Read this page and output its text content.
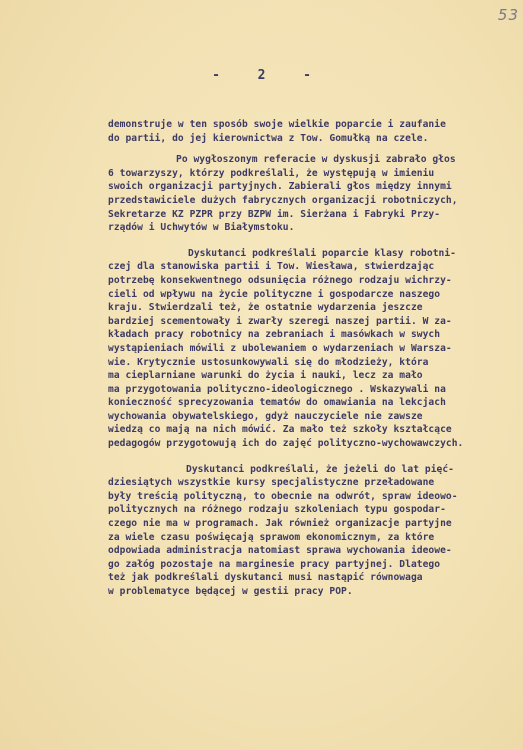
53
-	2	-
demonstruje w ten sposób swoje wielkie poparcie i zaufanie
do partii, do jej kierownictwa z Tow. Gomułką na czele.
Po wygłoszonym referacie w dyskusji zabrało głos
6 towarzyszy, którzy podkreślali, że występują w imieniu
swoich organizacji partyjnych. Zabierali głos między innymi
przedstawiciele dużych fabrycznych organizacji robotniczych,
Sekretarze KZ PZPR przy BZPW im. Sierżana i Fabryki Przy-
rządów i Uchwytów w Białymstoku.
Dyskutanci podkreślali poparcie klasy robotni-
czej dla stanowiska partii i Tow. Wiesława, stwierdzając
potrzebę konsekwentnego odsunięcia różnego rodzaju wichrzy-
cieli od wpływu na życie polityczne i gospodarcze naszego
kraju. Stwierdzali też, że ostatnie wydarzenia jeszcze
bardziej scementowały i zwarły szeregi naszej partii. W za-
kładach pracy robotnicy na zebraniach i masówkach w swych
wystąpieniach mówili z ubolewaniem o wydarzeniach w Warsza-
wie. Krytycznie ustosunkowywali się do młodzieży, która
ma cieplarniane warunki do życia i nauki, lecz za mało
ma przygotowania polityczno-ideologicznego . Wskazywali na
konieczność sprecyzowania tematów do omawiania na lekcjach
wychowania obywatelskiego, gdyż nauczyciele nie zawsze
wiedzą co mają na nich mówić. Za mało też szkoły kształcące
pedagogów przygotowują ich do zajęć polityczno-wychowawczych.
Dyskutanci podkreślali, że jeżeli do lat pięć-
dziesiątych wszystkie kursy specjalistyczne przeładowane
były treścią polityczną, to obecnie na odwrót, spraw ideowo-
politycznych na różnego rodzaju szkoleniach typu gospodar-
czego nie ma w programach. Jak również organizacje partyjne
za wiele czasu poświęcają sprawom ekonomicznym, za które
odpowiada administracja natomiast sprawa wychowania ideowe-
go załóg pozostaje na marginesie pracy partyjnej. Dlatego
też jak podkreślali dyskutanci musi nastąpić równowaga
w problematyce będącej w gestii pracy POP.
